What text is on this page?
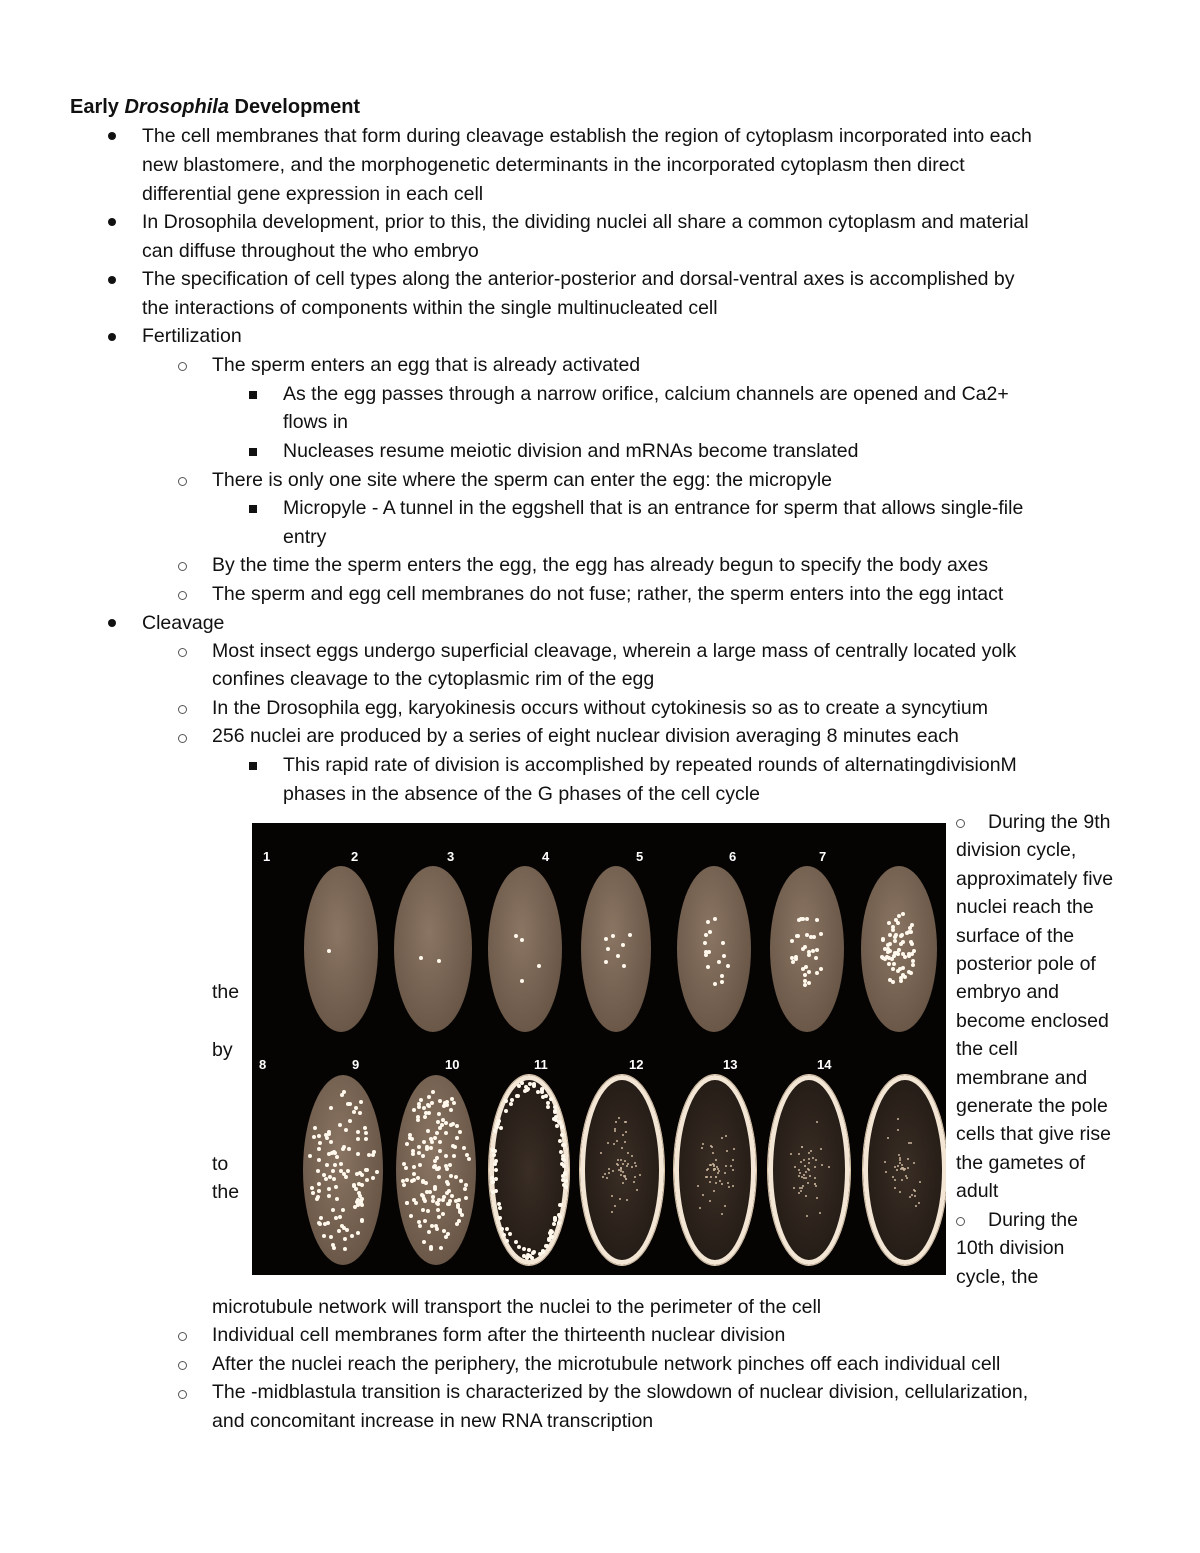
Early Drosophila Development
The cell membranes that form during cleavage establish the region of cytoplasm incorporated into each
new blastomere, and the morphogenetic determinants in the incorporated cytoplasm then direct
differential gene expression in each cell
In Drosophila development, prior to this, the dividing nuclei all share a common cytoplasm and material
can diffuse throughout the who embryo
The specification of cell types along the anterior-posterior and dorsal-ventral axes is accomplished by
the interactions of components within the single multinucleated cell
Fertilization
The sperm enters an egg that is already activated
As the egg passes through a narrow orifice, calcium channels are opened and Ca2+
flows in
Nucleases resume meiotic division and mRNAs become translated
There is only one site where the sperm can enter the egg: the micropyle
Micropyle - A tunnel in the eggshell that is an entrance for sperm that allows single-file
entry
By the time the sperm enters the egg, the egg has already begun to specify the body axes
The sperm and egg cell membranes do not fuse; rather, the sperm enters into the egg intact
Cleavage
Most insect eggs undergo superficial cleavage, wherein a large mass of centrally located yolk
confines cleavage to the cytoplasmic rim of the egg
In the Drosophila egg, karyokinesis occurs without cytokinesis so as to create a syncytium
256 nuclei are produced by a series of eight nuclear division averaging 8 minutes each
This rapid rate of division is accomplished by repeated rounds of alternatingdivisionM
phases in the absence of the G phases of the cell cycle
the
by
to
the
1	2	3	4	5	6	7
8	9	10	11	12	13	14
During the 9th
division cycle,
approximately five
nuclei reach the
surface of the
posterior pole of
embryo and
become enclosed
the cell
membrane and
generate the pole
cells that give rise
the gametes of
adult
During the
10th division
cycle, the
microtubule network will transport the nuclei to the perimeter of the cell
Individual cell membranes form after the thirteenth nuclear division
After the nuclei reach the periphery, the microtubule network pinches off each individual cell
The -midblastula transition is characterized by the slowdown of nuclear division, cellularization,
and concomitant increase in new RNA transcription
